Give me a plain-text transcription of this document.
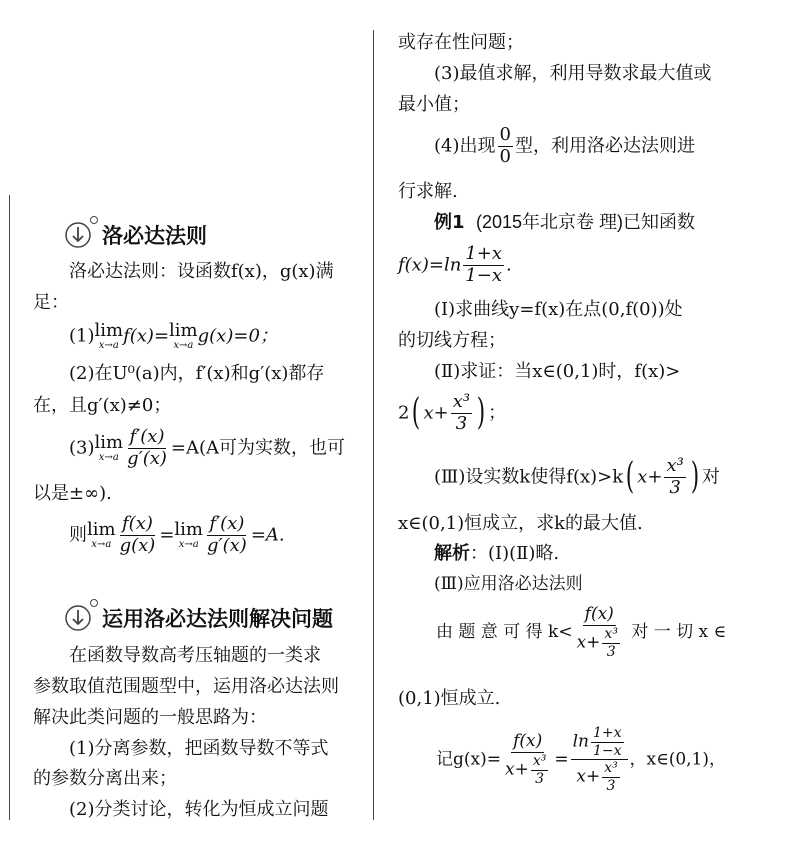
洛必达法则
洛必达法则：设函数f(x)，g(x)满
足：
(1) lim
x→a f(x)= lim
x→a g(x)=0；
(2)在U⁰(a)内，f′(x)和g′(x)都存
在，且g′(x)≠0；
(3) lim
$x\to a \frac{f'(x)}{g'(x)} =A(A$可为实数，也可
以是±∞).
则 lim
$x\to a \frac{f(x)}{g(x)} = \lim$
$x\to a \frac{f'(x)}{g'(x)} =A$.
运用洛必达法则解决问题
在函数导数高考压轴题的一类求
参数取值范围题型中，运用洛必达法则
解决此类问题的一般思路为：
(1)分离参数，把函数导数不等式
的参数分离出来；
(2)分类讨论，转化为恒成立问题
或存在性问题；
(3)最值求解，利用导数求最大值或
最小值；
(4)出现 $\frac{0}{0}$ 型，利用洛必达法则进
行求解.
例1 (2015年北京卷 理)已知函数
$f(x)=\ln \frac{1+x}{1-x}$ .
(Ⅰ)求曲线y=f(x)在点(0,f(0))处
的切线方程；
(Ⅱ)求证：当x∈(0,1)时，f(x)>
2( $x+ \frac{\text{x³}}{3}$ ) ；
(Ⅲ)设实数k使得f(x)>k( $x+ \frac{\text{x³}}{3}$ ) 对
x∈(0,1)恒成立，求k的最大值.
解析：(Ⅰ)(Ⅱ)略.
(Ⅲ)应用洛必达法则
由 题 意 可 得 $k< \frac{f(x)}{x+ \frac{\text{x³}}{3}}$ 对 一 切 x ∈
(0,1)恒成立.
记$g(x)= \frac{f(x)}{x+ \frac{\text{x³}}{3}} = \frac{\ln \frac{1+x}{1-x}}{x+ \frac{\text{x³}}{3}}$ ，x∈(0,1)，
